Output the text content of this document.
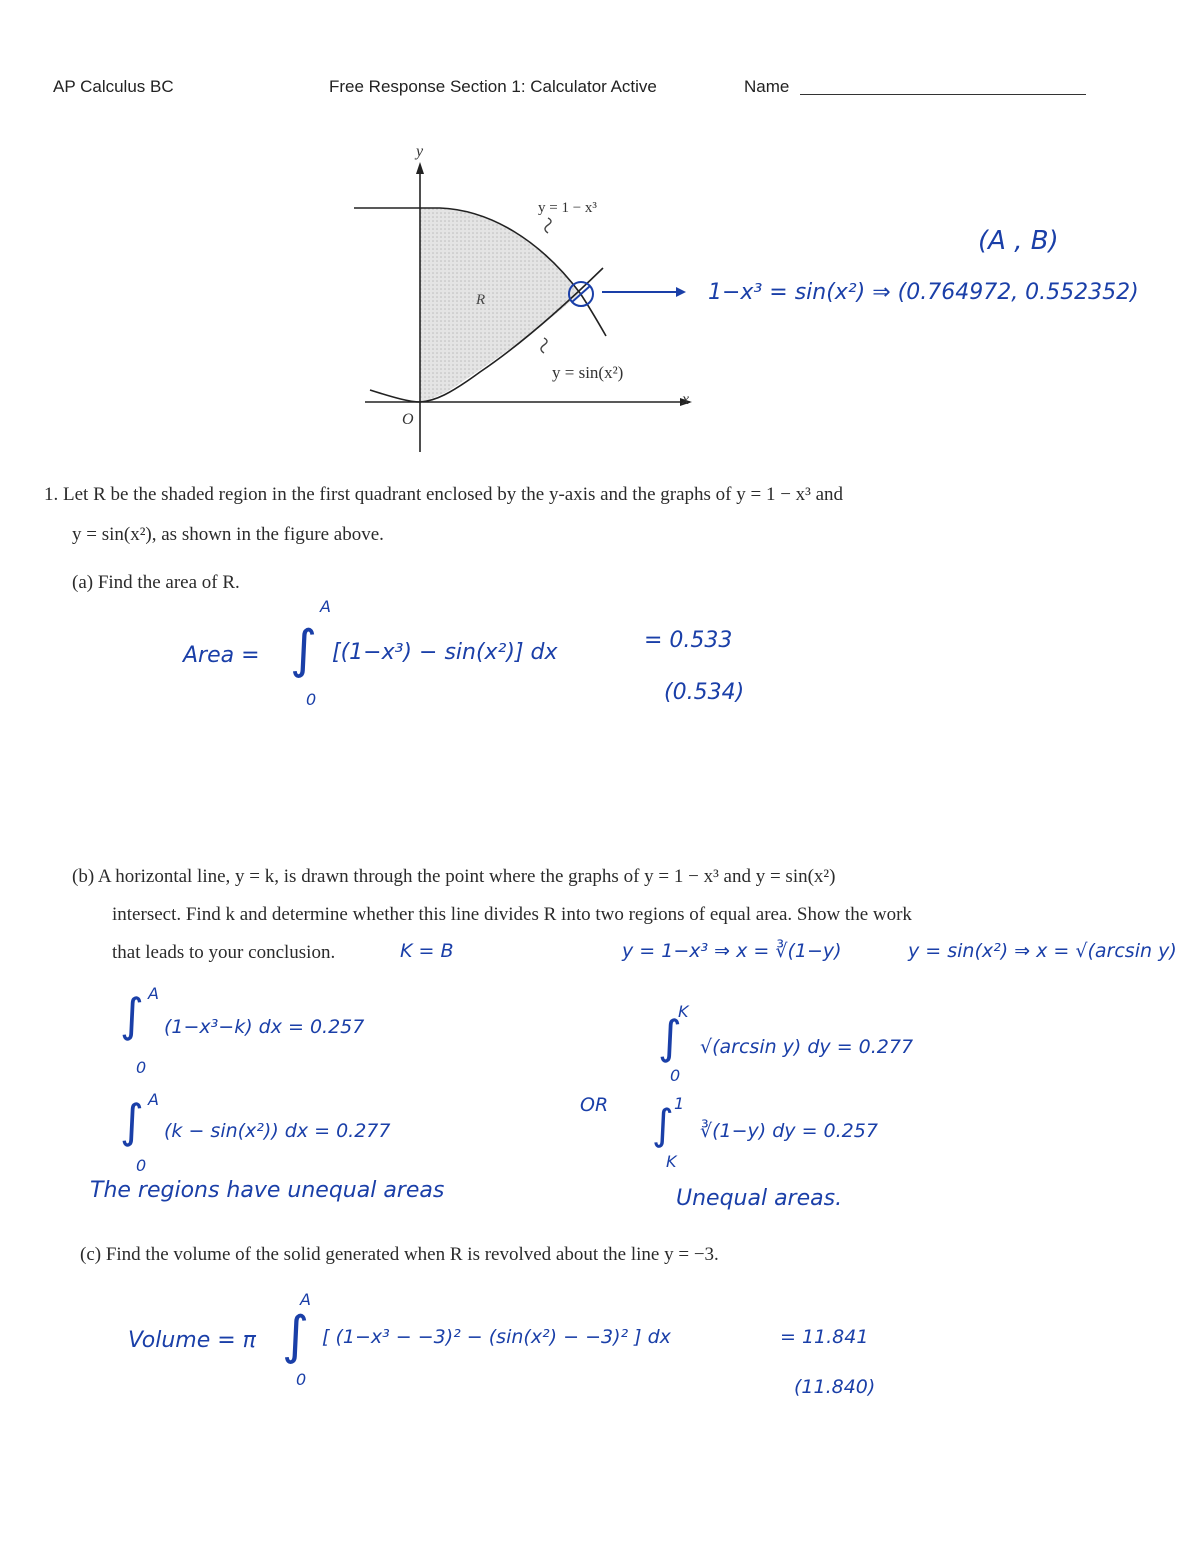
AP Calculus BC	Free Response Section 1: Calculator Active	Name
y
x
O
R
y = 1 − x³
y = sin(x²)
(A , B)
1−x³ = sin(x²) ⇒ (0.764972, 0.552352)
1. Let R be the shaded region in the first quadrant enclosed by the y-axis and the graphs of y = 1 − x³ and
y = sin(x²), as shown in the figure above.
(a) Find the area of R.
Area = ∫
A
0
[(1−x³) − sin(x²)] dx	= 0.533
(0.534)
(b) A horizontal line, y = k, is drawn through the point where the graphs of y = 1 − x³ and y = sin(x²)
intersect. Find k and determine whether this line divides R into two regions of equal area. Show the work
that leads to your conclusion.	K = B	y = 1−x³ ⇒ x = ∛(1−y)	y = sin(x²) ⇒ x = √(arcsin y)
∫ A
0
(1−x³−k) dx = 0.257
∫ A
0
(k − sin(x²)) dx = 0.277
The regions have unequal areas
OR
∫
K
0
√(arcsin y) dy = 0.277
∫ 1
K
∛(1−y) dy = 0.257
Unequal areas.
(c) Find the volume of the solid generated when R is revolved about the line y = −3.
Volume = π ∫
A
0
[ (1−x³ − −3)² − (sin(x²) − −3)² ] dx	= 11.841
(11.840)
